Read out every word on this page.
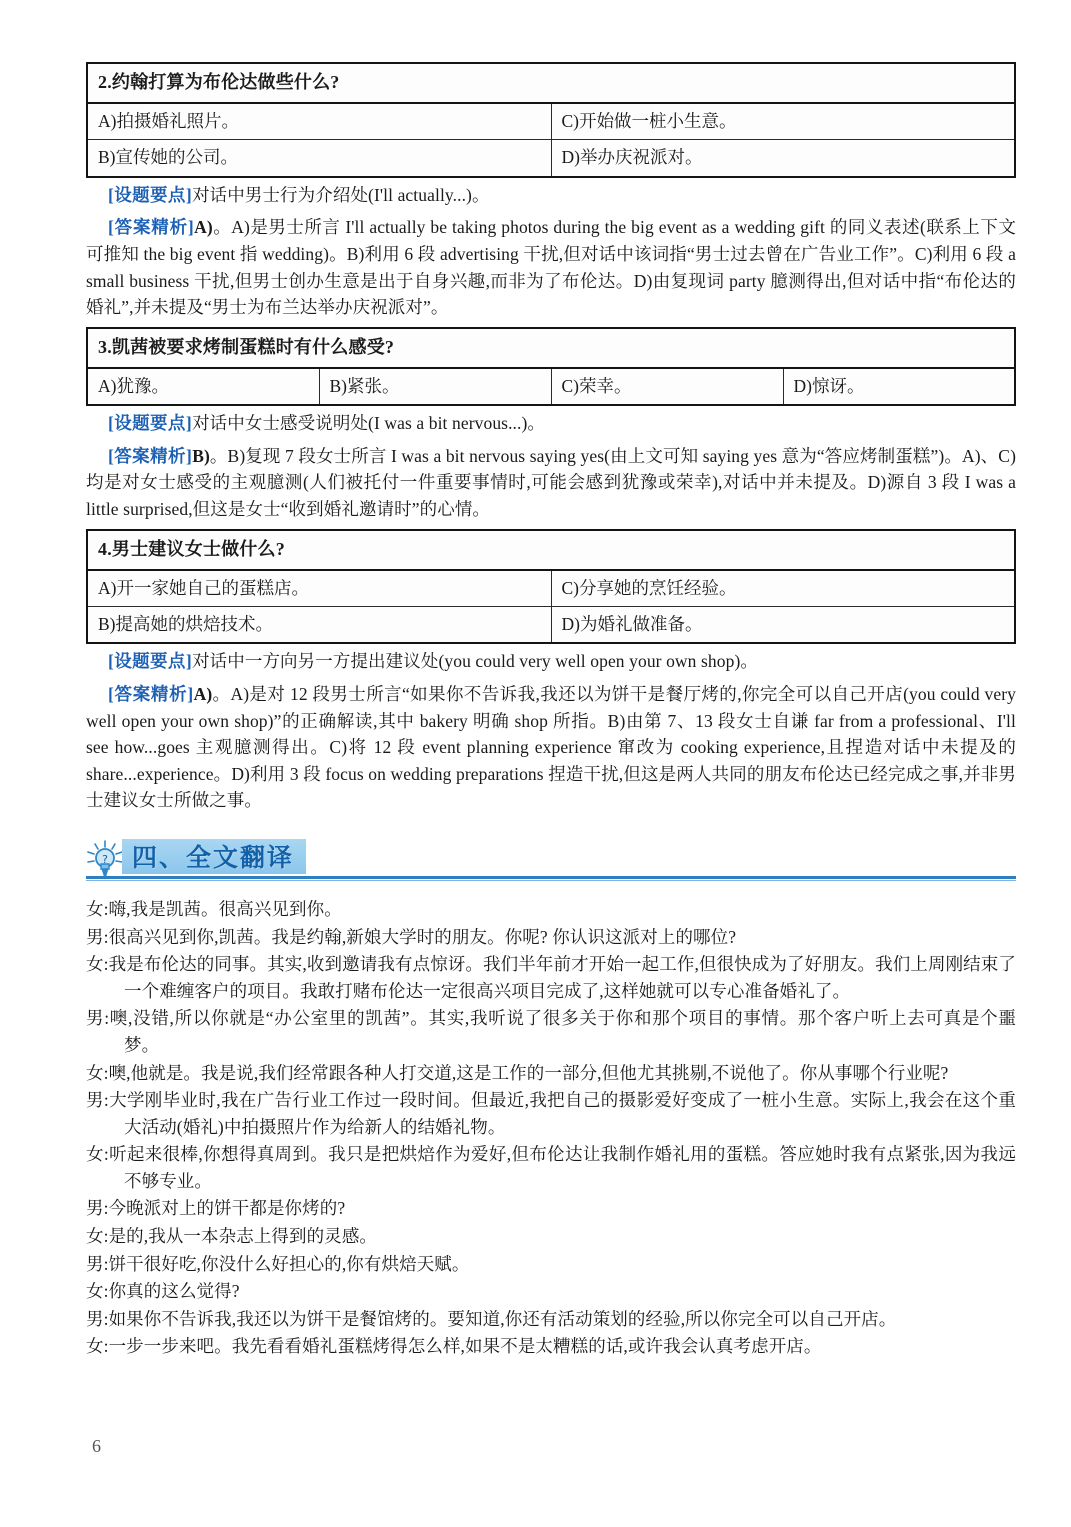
2.约翰打算为布伦达做些什么?	
A)拍摄婚礼照片。	C)开始做一桩小生意。
B)宣传她的公司。	D)举办庆祝派对。

[设题要点]对话中男士行为介绍处(I'll actually...)。

[答案精析]A)。A)是男士所言 I'll actually be taking photos during the big event as a wedding gift 的同义表述(联系上下文可推知 the big event 指 wedding)。B)利用 6 段 advertising 干扰,但对话中该词指“男士过去曾在广告业工作”。C)利用 6 段 a small business 干扰,但男士创办生意是出于自身兴趣,而非为了布伦达。D)由复现词 party 臆测得出,但对话中指“布伦达的婚礼”,并未提及“男士为布兰达举办庆祝派对”。

3.凯茜被要求烤制蛋糕时有什么感受?
A)犹豫。	B)紧张。	C)荣幸。	D)惊讶。

[设题要点]对话中女士感受说明处(I was a bit nervous...)。

[答案精析]B)。B)复现 7 段女士所言 I was a bit nervous saying yes(由上文可知 saying yes 意为“答应烤制蛋糕”)。A)、C)均是对女士感受的主观臆测(人们被托付一件重要事情时,可能会感到犹豫或荣幸),对话中并未提及。D)源自 3 段 I was a little surprised,但这是女士“收到婚礼邀请时”的心情。

4.男士建议女士做什么?	
A)开一家她自己的蛋糕店。	C)分享她的烹饪经验。
B)提高她的烘焙技术。	D)为婚礼做准备。

[设题要点]对话中一方向另一方提出建议处(you could very well open your own shop)。

[答案精析]A)。A)是对 12 段男士所言“如果你不告诉我,我还以为饼干是餐厅烤的,你完全可以自己开店(you could very well open your own shop)”的正确解读,其中 bakery 明确 shop 所指。B)由第 7、13 段女士自谦 far from a professional、I'll see how...goes 主观臆测得出。C)将 12 段 event planning experience 窜改为 cooking experience,且捏造对话中未提及的 share...experience。D)利用 3 段 focus on wedding preparations 捏造干扰,但这是两人共同的朋友布伦达已经完成之事,并非男士建议女士所做之事。

? 四、全文翻译

女:嗨,我是凯茜。很高兴见到你。

男:很高兴见到你,凯茜。我是约翰,新娘大学时的朋友。你呢? 你认识这派对上的哪位?

女:我是布伦达的同事。其实,收到邀请我有点惊讶。我们半年前才开始一起工作,但很快成为了好朋友。我们上周刚结束了一个难缠客户的项目。我敢打赌布伦达一定很高兴项目完成了,这样她就可以专心准备婚礼了。

男:噢,没错,所以你就是“办公室里的凯茜”。其实,我听说了很多关于你和那个项目的事情。那个客户听上去可真是个噩梦。

女:噢,他就是。我是说,我们经常跟各种人打交道,这是工作的一部分,但他尤其挑剔,不说他了。你从事哪个行业呢?

男:大学刚毕业时,我在广告行业工作过一段时间。但最近,我把自己的摄影爱好变成了一桩小生意。实际上,我会在这个重大活动(婚礼)中拍摄照片作为给新人的结婚礼物。

女:听起来很棒,你想得真周到。我只是把烘焙作为爱好,但布伦达让我制作婚礼用的蛋糕。答应她时我有点紧张,因为我远不够专业。

男:今晚派对上的饼干都是你烤的?

女:是的,我从一本杂志上得到的灵感。

男:饼干很好吃,你没什么好担心的,你有烘焙天赋。

女:你真的这么觉得?

男:如果你不告诉我,我还以为饼干是餐馆烤的。要知道,你还有活动策划的经验,所以你完全可以自己开店。

女:一步一步来吧。我先看看婚礼蛋糕烤得怎么样,如果不是太糟糕的话,或许我会认真考虑开店。

6
